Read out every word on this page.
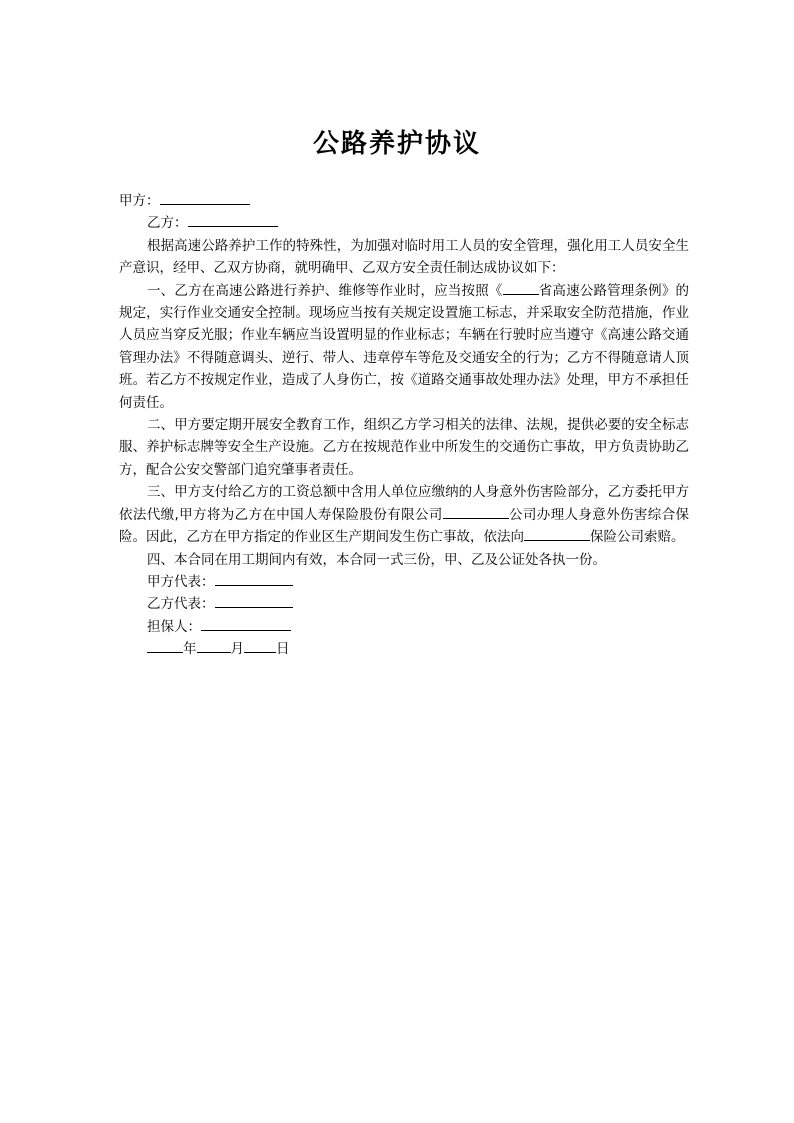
公路养护协议
甲方：
乙方：

根据高速公路养护工作的特殊性，为加强对临时用工人员的安全管理，强化用工人员安全生产意识，经甲、乙双方协商，就明确甲、乙双方安全责任制达成协议如下：

一、乙方在高速公路进行养护、维修等作业时，应当按照《	省高速公路管理条例》的规定，实行作业交通安全控制。现场应当按有关规定设置施工标志，并采取安全防范措施，作业人员应当穿反光服；作业车辆应当设置明显的作业标志；车辆在行驶时应当遵守《高速公路交通管理办法》不得随意调头、逆行、带人、违章停车等危及交通安全的行为；乙方不得随意请人顶班。若乙方不按规定作业，造成了人身伤亡，按《道路交通事故处理办法》处理，甲方不承担任何责任。

二、甲方要定期开展安全教育工作，组织乙方学习相关的法律、法规，提供必要的安全标志服、养护标志牌等安全生产设施。乙方在按规范作业中所发生的交通伤亡事故，甲方负责协助乙方，配合公安交警部门追究肇事者责任。

三、甲方支付给乙方的工资总额中含用人单位应缴纳的人身意外伤害险部分，乙方委托甲方依法代缴,甲方将为乙方在中国人寿保险股份有限公司	公司办理人身意外伤害综合保险。因此，乙方在甲方指定的作业区生产期间发生伤亡事故，依法向	保险公司索赔。

四、本合同在用工期间内有效，本合同一式三份，甲、乙及公证处各执一份。

甲方代表：
乙方代表：
担保人：
年	月 日
